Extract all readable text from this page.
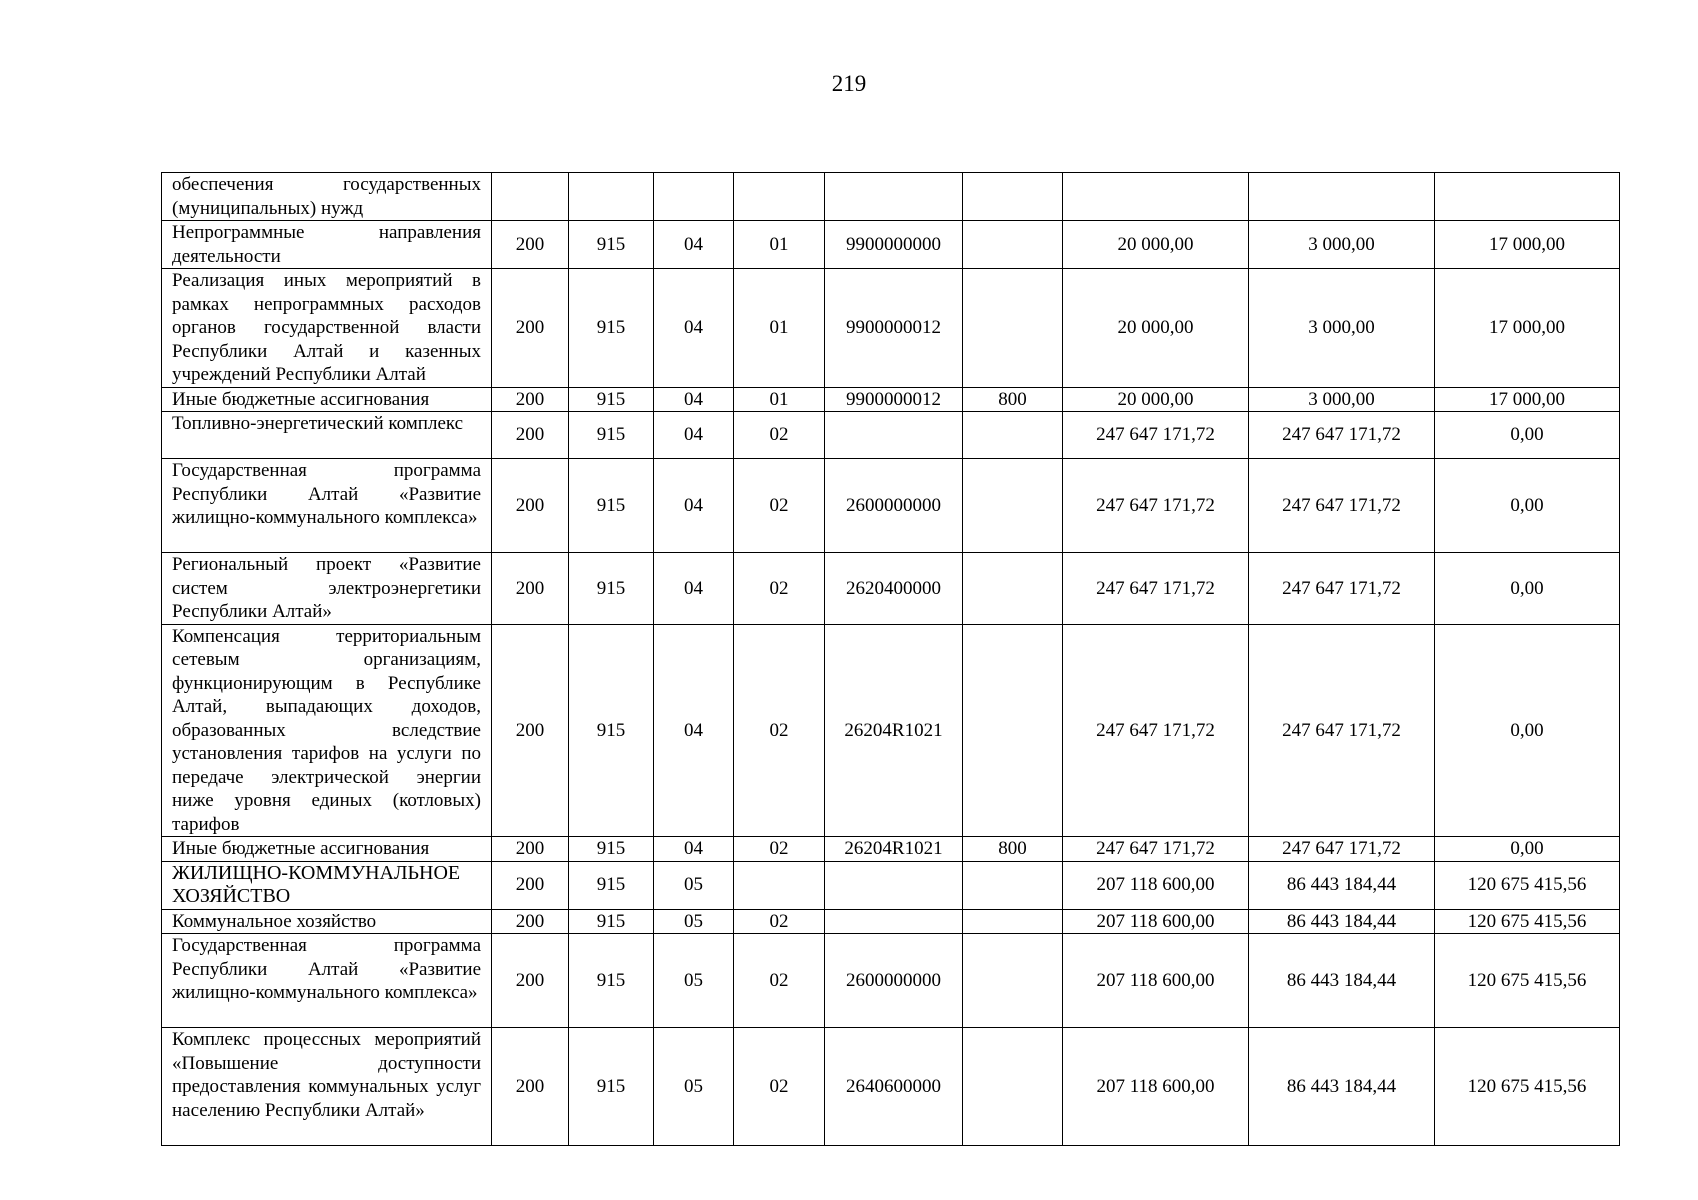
219
обеспечения государственных (муниципальных) нужд									
Непрограммные направления деятельности	200	915	04	01	9900000000		20 000,00	3 000,00	17 000,00
Реализация иных мероприятий в рамках непрограммных расходов органов государственной власти Республики Алтай и казенных учреждений Республики Алтай	200	915	04	01	9900000012		20 000,00	3 000,00	17 000,00
Иные бюджетные ассигнования	200	915	04	01	9900000012	800	20 000,00	3 000,00	17 000,00
Топливно-энергетический комплекс	200	915	04	02			247 647 171,72	247 647 171,72	0,00
Государственная программа Республики Алтай «Развитие жилищно-коммунального комплекса»	200	915	04	02	2600000000		247 647 171,72	247 647 171,72	0,00
Региональный проект «Развитие систем электроэнергетики Республики Алтай»	200	915	04	02	2620400000		247 647 171,72	247 647 171,72	0,00
Компенсация территориальным сетевым организациям, функционирующим в Республике Алтай, выпадающих доходов, образованных вследствие установления тарифов на услуги по передаче электрической энергии ниже уровня единых (котловых) тарифов	200	915	04	02	26204R1021		247 647 171,72	247 647 171,72	0,00
Иные бюджетные ассигнования	200	915	04	02	26204R1021	800	247 647 171,72	247 647 171,72	0,00
ЖИЛИЩНО-КОММУНАЛЬНОЕ ХОЗЯЙСТВО	200	915	05				207 118 600,00	86 443 184,44	120 675 415,56
Коммунальное хозяйство	200	915	05	02			207 118 600,00	86 443 184,44	120 675 415,56
Государственная программа Республики Алтай «Развитие жилищно-коммунального комплекса»	200	915	05	02	2600000000		207 118 600,00	86 443 184,44	120 675 415,56
Комплекс процессных мероприятий «Повышение доступности предоставления коммунальных услуг населению Республики Алтай»	200	915	05	02	2640600000		207 118 600,00	86 443 184,44	120 675 415,56
